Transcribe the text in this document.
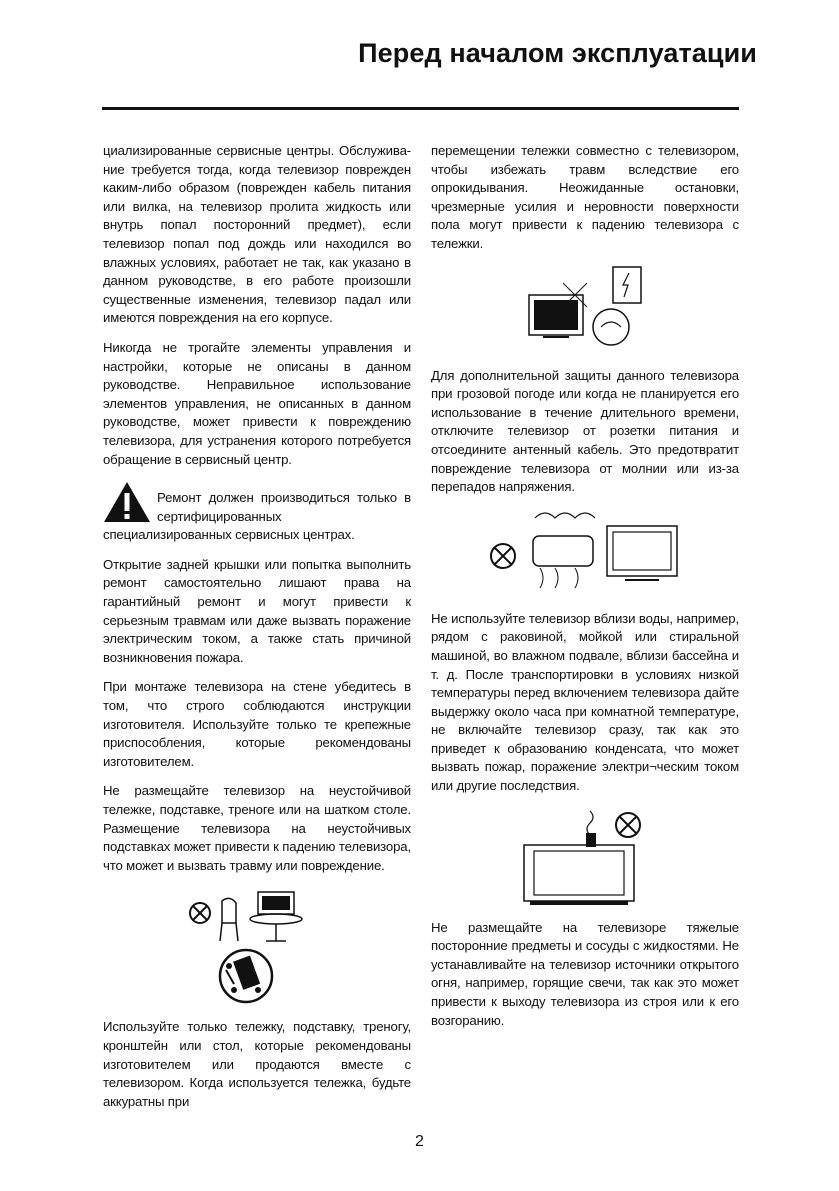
Перед началом эксплуатации

циализированные сервисные центры. Обслужива-ние требуется тогда, когда телевизор поврежден каким-либо образом (поврежден кабель питания или вилка, на телевизор пролита жидкость или внутрь попал посторонний предмет), если телевизор попал под дождь или находился во влажных условиях, работает не так, как указано в данном руководстве, в его работе произошли существенные изменения, телевизор падал или имеются повреждения на его корпусе.

Никогда не трогайте элементы управления и настройки, которые не описаны в данном руководстве. Неправильное использование элементов управления, не описанных в данном руководстве, может привести к повреждению телевизора, для устранения которого потребуется обращение в сервисный центр.

Ремонт должен производиться только в сертифицированных специализированных сервисных центрах.

Открытие задней крышки или попытка выполнить ремонт самостоятельно лишают права на гарантийный ремонт и могут привести к серьезным травмам или даже вызвать поражение электрическим током, а также стать причиной возникновения пожара.

При монтаже телевизора на стене убедитесь в том, что строго соблюдаются инструкции изготовителя. Используйте только те крепежные приспособления, которые рекомендованы изготовителем.

Не размещайте телевизор на неустойчивой тележке, подставке, треноге или на шатком столе. Размещение телевизора на неустойчивых подставках может привести к падению телевизора, что может и вызвать травму или повреждение.

Используйте только тележку, подставку, треногу, кронштейн или стол, которые рекомендованы изготовителем или продаются вместе с телевизором. Когда используется тележка, будьте аккуратны при

перемещении тележки совместно с телевизором, чтобы избежать травм вследствие его опрокидывания. Неожиданные остановки, чрезмерные усилия и неровности поверхности пола могут привести к падению телевизора с тележки.

Для дополнительной защиты данного телевизора при грозовой погоде или когда не планируется его использование в течение длительного времени, отключите телевизор от розетки питания и отсоедините антенный кабель. Это предотвратит повреждение телевизора от молнии или из-за перепадов напряжения.

Не используйте телевизор вблизи воды, например, рядом с раковиной, мойкой или стиральной машиной, во влажном подвале, вблизи бассейна и т. д. После транспортировки в условиях низкой температуры перед включением телевизора дайте выдержку около часа при комнатной температуре, не включайте телевизор сразу, так как это приведет к образованию конденсата, что может вызвать пожар, поражение электри¬ческим током или другие последствия.

Не размещайте на телевизоре тяжелые посторонние предметы и сосуды с жидкостями. Не устанавливайте на телевизор источники открытого огня, например, горящие свечи, так как это может привести к выходу телевизора из строя или к его возгоранию.

2
